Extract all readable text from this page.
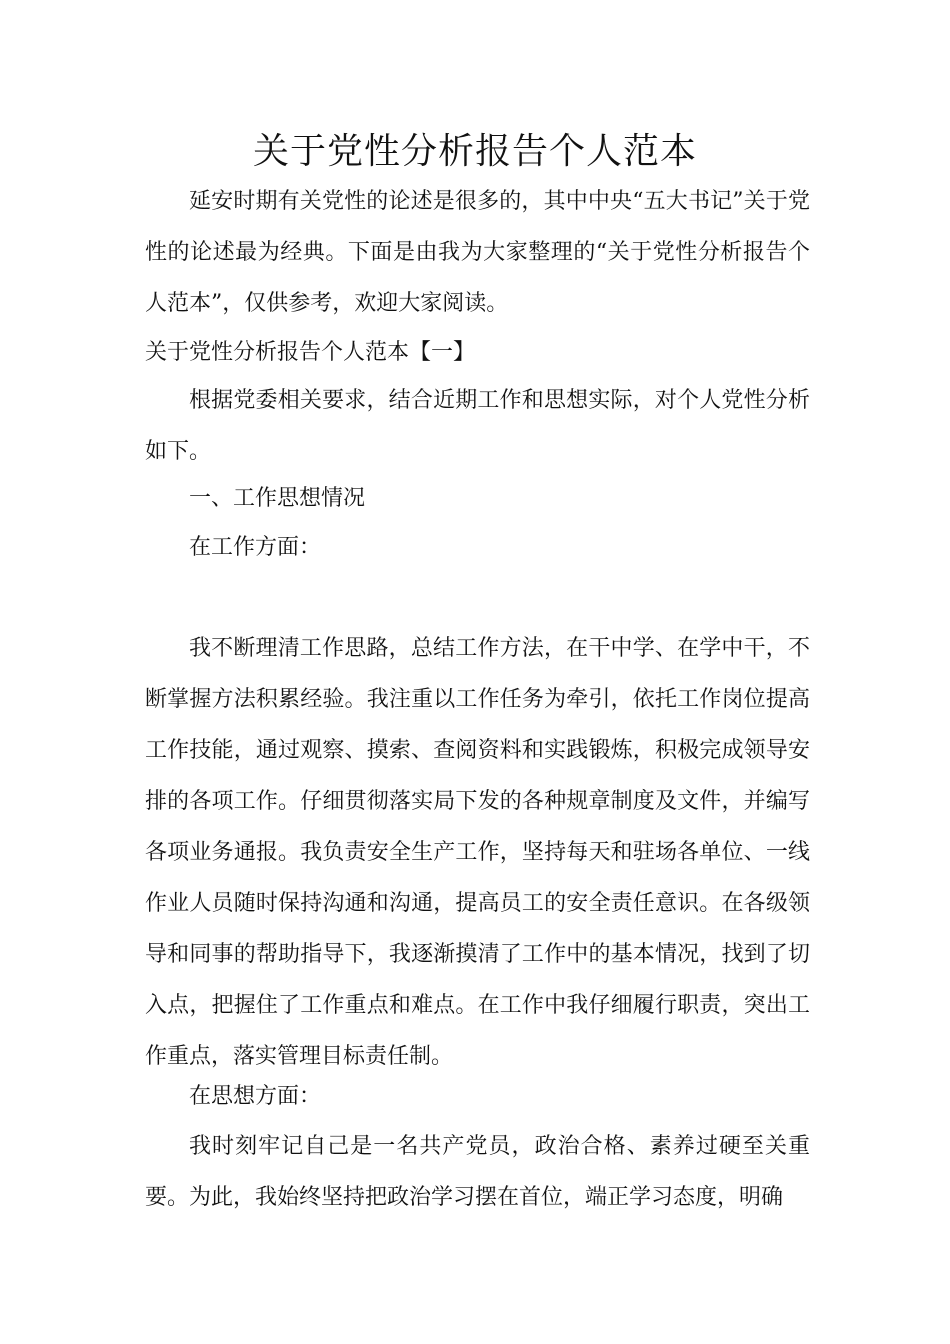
关于党性分析报告个人范本
延安时期有关党性的论述是很多的，其中中央“五大书记”关于党性的论述最为经典。下面是由我为大家整理的“关于党性分析报告个人范本”，仅供参考，欢迎大家阅读。
关于党性分析报告个人范本【一】
根据党委相关要求，结合近期工作和思想实际，对个人党性分析如下。
一、工作思想情况
在工作方面：
我不断理清工作思路，总结工作方法，在干中学、在学中干，不断掌握方法积累经验。我注重以工作任务为牵引，依托工作岗位提高工作技能，通过观察、摸索、查阅资料和实践锻炼，积极完成领导安排的各项工作。仔细贯彻落实局下发的各种规章制度及文件，并编写各项业务通报。我负责安全生产工作，坚持每天和驻场各单位、一线作业人员随时保持沟通和沟通，提高员工的安全责任意识。在各级领导和同事的帮助指导下，我逐渐摸清了工作中的基本情况，找到了切入点，把握住了工作重点和难点。在工作中我仔细履行职责，突出工作重点，落实管理目标责任制。
在思想方面：
我时刻牢记自己是一名共产党员，政治合格、素养过硬至关重要。为此，我始终坚持把政治学习摆在首位，端正学习态度，明确
